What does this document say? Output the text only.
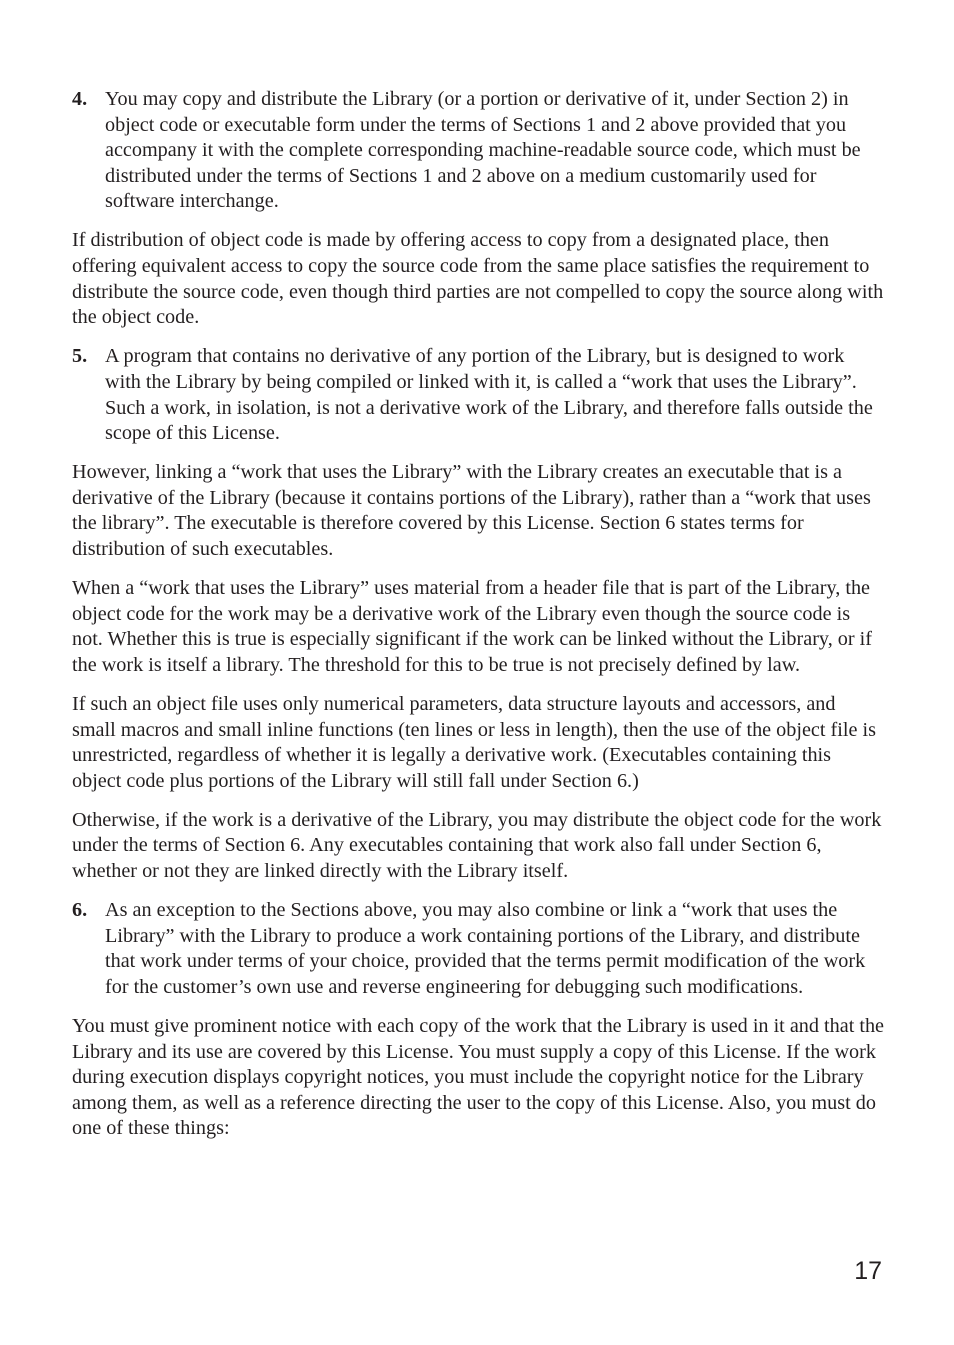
4. You may copy and distribute the Library (or a portion or derivative of it, under Section 2) in object code or executable form under the terms of Sections 1 and 2 above provided that you accompany it with the complete corresponding machine-readable source code, which must be distributed under the terms of Sections 1 and 2 above on a medium customarily used for software interchange.

If distribution of object code is made by offering access to copy from a designated place, then offering equivalent access to copy the source code from the same place satisfies the requirement to distribute the source code, even though third parties are not compelled to copy the source along with the object code.

5. A program that contains no derivative of any portion of the Library, but is designed to work with the Library by being compiled or linked with it, is called a “work that uses the Library”. Such a work, in isolation, is not a derivative work of the Library, and therefore falls outside the scope of this License.

However, linking a “work that uses the Library” with the Library creates an executable that is a derivative of the Library (because it contains portions of the Library), rather than a “work that uses the library”. The executable is therefore covered by this License. Section 6 states terms for distribution of such executables.

When a “work that uses the Library” uses material from a header file that is part of the Library, the object code for the work may be a derivative work of the Library even though the source code is not. Whether this is true is especially significant if the work can be linked without the Library, or if the work is itself a library. The threshold for this to be true is not precisely defined by law.

If such an object file uses only numerical parameters, data structure layouts and accessors, and small macros and small inline functions (ten lines or less in length), then the use of the object file is unrestricted, regardless of whether it is legally a derivative work. (Executables containing this object code plus portions of the Library will still fall under Section 6.)

Otherwise, if the work is a derivative of the Library, you may distribute the object code for the work under the terms of Section 6. Any executables containing that work also fall under Section 6, whether or not they are linked directly with the Library itself.

6. As an exception to the Sections above, you may also combine or link a “work that uses the Library” with the Library to produce a work containing portions of the Library, and distribute that work under terms of your choice, provided that the terms permit modification of the work for the customer’s own use and reverse engineering for debugging such modifications.

You must give prominent notice with each copy of the work that the Library is used in it and that the Library and its use are covered by this License. You must supply a copy of this License. If the work during execution displays copyright notices, you must include the copyright notice for the Library among them, as well as a reference directing the user to the copy of this License. Also, you must do one of these things:

17
